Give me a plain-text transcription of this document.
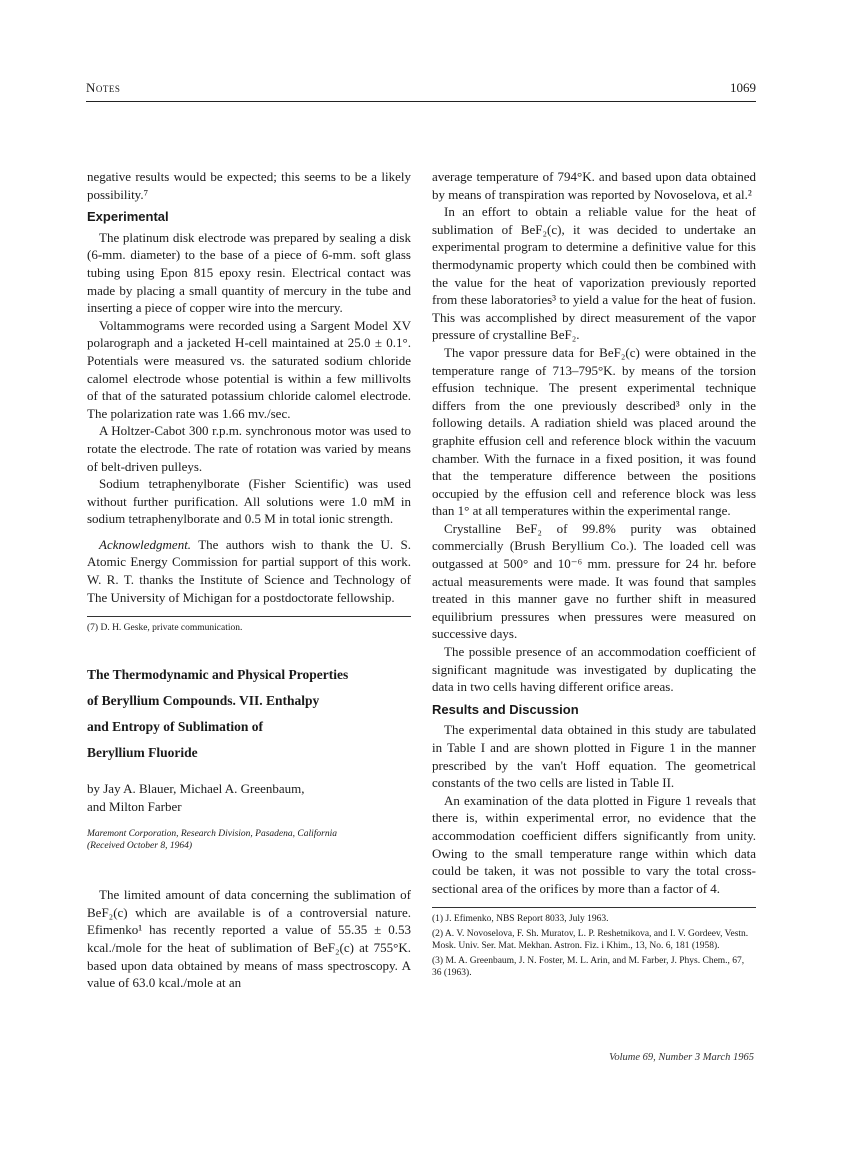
Notes	1069

negative results would be expected; this seems to be a likely possibility.⁷

Experimental

The platinum disk electrode was prepared by sealing a disk (6-mm. diameter) to the base of a piece of 6-mm. soft glass tubing using Epon 815 epoxy resin. Electrical contact was made by placing a small quantity of mercury in the tube and inserting a piece of copper wire into the mercury.

Voltammograms were recorded using a Sargent Model XV polarograph and a jacketed H-cell maintained at 25.0 ± 0.1°. Potentials were measured vs. the saturated sodium chloride calomel electrode whose potential is within a few millivolts of that of the saturated potassium chloride calomel electrode. The polarization rate was 1.66 mv./sec.

A Holtzer-Cabot 300 r.p.m. synchronous motor was used to rotate the electrode. The rate of rotation was varied by means of belt-driven pulleys.

Sodium tetraphenylborate (Fisher Scientific) was used without further purification. All solutions were 1.0 mM in sodium tetraphenylborate and 0.5 M in total ionic strength.

Acknowledgment. The authors wish to thank the U. S. Atomic Energy Commission for partial support of this work. W. R. T. thanks the Institute of Science and Technology of The University of Michigan for a postdoctorate fellowship.

(7) D. H. Geske, private communication.

The Thermodynamic and Physical Properties
of Beryllium Compounds. VII. Enthalpy
and Entropy of Sublimation of
Beryllium Fluoride
by Jay A. Blauer, Michael A. Greenbaum,
and Milton Farber
Maremont Corporation, Research Division, Pasadena, California
(Received October 8, 1964)

The limited amount of data concerning the sublimation of BeF₂(c) which are available is of a controversial nature. Efimenko¹ has recently reported a value of 55.35 ± 0.53 kcal./mole for the heat of sublimation of BeF₂(c) at 755°K. based upon data obtained by means of mass spectroscopy. A value of 63.0 kcal./mole at an

average temperature of 794°K. and based upon data obtained by means of transpiration was reported by Novoselova, et al.²

In an effort to obtain a reliable value for the heat of sublimation of BeF₂(c), it was decided to undertake an experimental program to determine a definitive value for this thermodynamic property which could then be combined with the value for the heat of vaporization previously reported from these laboratories³ to yield a value for the heat of fusion. This was accomplished by direct measurement of the vapor pressure of crystalline BeF₂.

The vapor pressure data for BeF₂(c) were obtained in the temperature range of 713–795°K. by means of the torsion effusion technique. The present experimental technique differs from the one previously described³ only in the following details. A radiation shield was placed around the graphite effusion cell and reference block within the vacuum chamber. With the furnace in a fixed position, it was found that the temperature difference between the positions occupied by the effusion cell and reference block was less than 1° at all temperatures within the experimental range.

Crystalline BeF₂ of 99.8% purity was obtained commercially (Brush Beryllium Co.). The loaded cell was outgassed at 500° and 10⁻⁶ mm. pressure for 24 hr. before actual measurements were made. It was found that samples treated in this manner gave no further shift in measured equilibrium pressures when pressures were measured on successive days.

The possible presence of an accommodation coefficient of significant magnitude was investigated by duplicating the data in two cells having different orifice areas.

Results and Discussion

The experimental data obtained in this study are tabulated in Table I and are shown plotted in Figure 1 in the manner prescribed by the van't Hoff equation. The geometrical constants of the two cells are listed in Table II.

An examination of the data plotted in Figure 1 reveals that there is, within experimental error, no evidence that the accommodation coefficient differs significantly from unity. Owing to the small temperature range within which data could be taken, it was not possible to vary the total cross-sectional area of the orifices by more than a factor of 4.

(1) J. Efimenko, NBS Report 8033, July 1963.

(2) A. V. Novoselova, F. Sh. Muratov, L. P. Reshetnikova, and I. V. Gordeev, Vestn. Mosk. Univ. Ser. Mat. Mekhan. Astron. Fiz. i Khim., 13, No. 6, 181 (1958).

(3) M. A. Greenbaum, J. N. Foster, M. L. Arin, and M. Farber, J. Phys. Chem., 67, 36 (1963).

Volume 69, Number 3 March 1965
